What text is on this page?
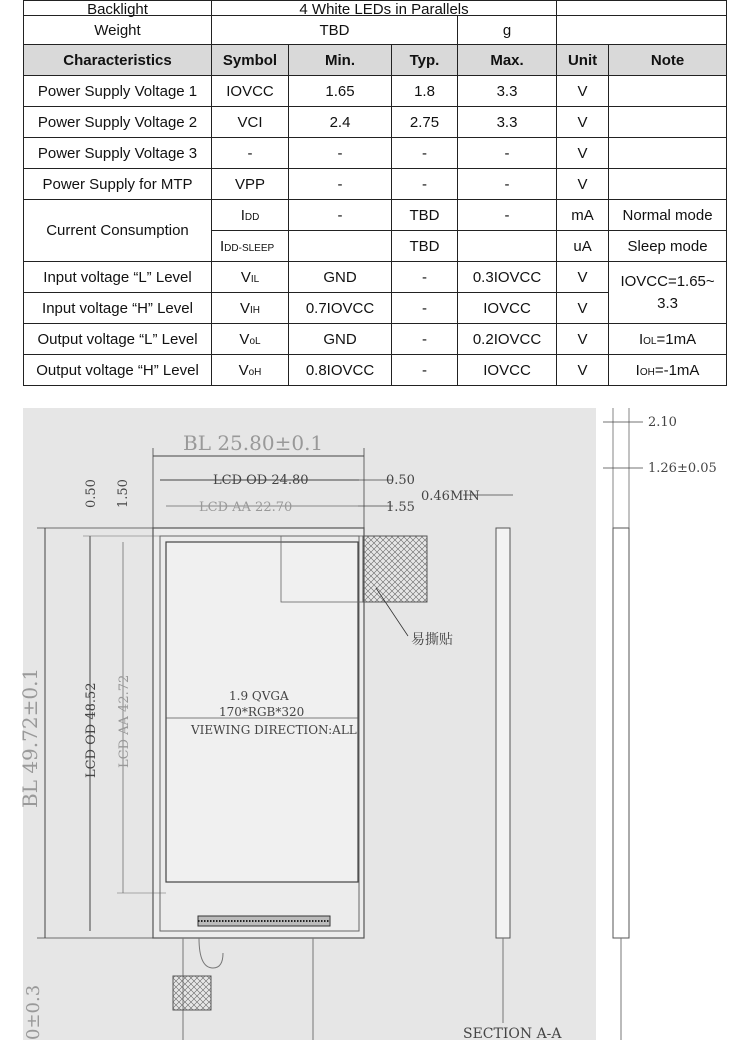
Backlight	4 White LEDs in Parallels					
Weight	TBD			g		
Characteristics	Symbol	Min.	Typ.	Max.	Unit	Note
Power Supply Voltage 1	IOVCC	1.65	1.8	3.3	V	
Power Supply Voltage 2	VCI	2.4	2.75	3.3	V	
Power Supply Voltage 3	-	-	-	-	V	
Power Supply for MTP	VPP	-	-	-	V	
Current Consumption	IDD	-	TBD	-	mA	Normal mode
	IDD-SLEEP		TBD		uA	Sleep mode
Input voltage “L” Level	VIL	GND	-	0.3IOVCC	V	IOVCC=1.65~
3.3

Input voltage “H” Level	VIH	0.7IOVCC	-	IOVCC	V	
Output voltage “L” Level	VoL	GND	-	0.2IOVCC	V	IOL=1mA
Output voltage “H” Level	VoH	0.8IOVCC	-	IOVCC	V	IOH=-1mA
BL 25.80±0.1
LCD OD 24.80
LCD AA 22.70
0.50
1.55
0.46MIN
2.10
1.26±0.05
易撕贴
1.9 QVGA
170*RGB*320
VIEWING DIRECTION:ALL
SECTION A-A
0.50 1.50
BL 49.72±0.1	LCD OD 48.52 LCD AA 42.72
0±0.3
